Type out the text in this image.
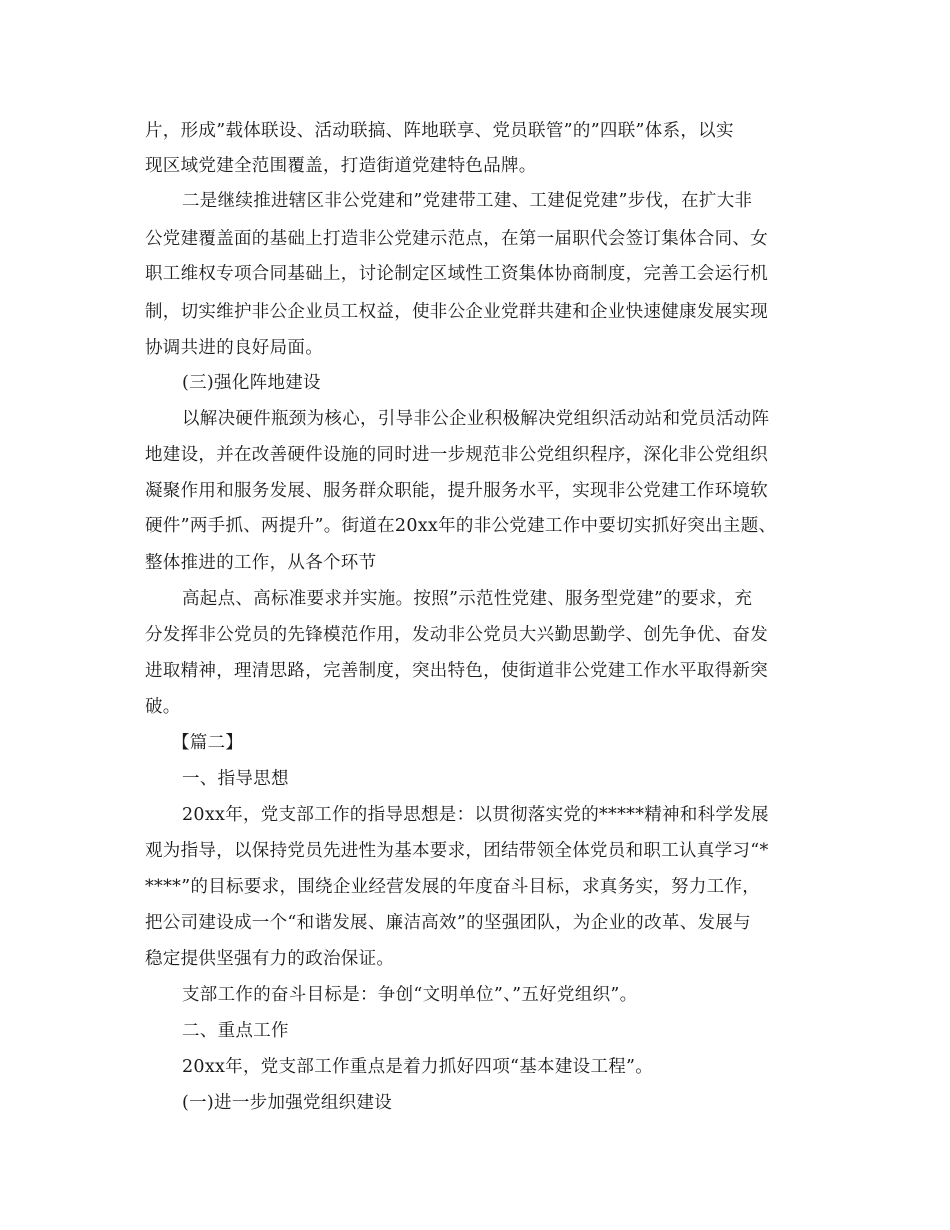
片，形成”载体联设、活动联搞、阵地联享、党员联管”的”四联”体系，以实
现区域党建全范围覆盖，打造街道党建特色品牌。
二是继续推进辖区非公党建和”党建带工建、工建促党建”步伐，在扩大非
公党建覆盖面的基础上打造非公党建示范点，在第一届职代会签订集体合同、女
职工维权专项合同基础上，讨论制定区域性工资集体协商制度，完善工会运行机
制，切实维护非公企业员工权益，使非公企业党群共建和企业快速健康发展实现
协调共进的良好局面。
(三)强化阵地建设
以解决硬件瓶颈为核心，引导非公企业积极解决党组织活动站和党员活动阵
地建设，并在改善硬件设施的同时进一步规范非公党组织程序，深化非公党组织
凝聚作用和服务发展、服务群众职能，提升服务水平，实现非公党建工作环境软
硬件”两手抓、两提升”。街道在20xx年的非公党建工作中要切实抓好突出主题、
整体推进的工作，从各个环节
高起点、高标准要求并实施。按照”示范性党建、服务型党建”的要求，充
分发挥非公党员的先锋模范作用，发动非公党员大兴勤思勤学、创先争优、奋发
进取精神，理清思路，完善制度，突出特色，使街道非公党建工作水平取得新突
破。
【篇二】
一、指导思想
20xx年，党支部工作的指导思想是：以贯彻落实党的*****精神和科学发展
观为指导，以保持党员先进性为基本要求，团结带领全体党员和职工认真学习“*
****”的目标要求，围绕企业经营发展的年度奋斗目标，求真务实，努力工作，
把公司建设成一个“和谐发展、廉洁高效”的坚强团队，为企业的改革、发展与
稳定提供坚强有力的政治保证。
支部工作的奋斗目标是：争创“文明单位”、”五好党组织”。
二、重点工作
20xx年，党支部工作重点是着力抓好四项“基本建设工程”。
(一)进一步加强党组织建设
